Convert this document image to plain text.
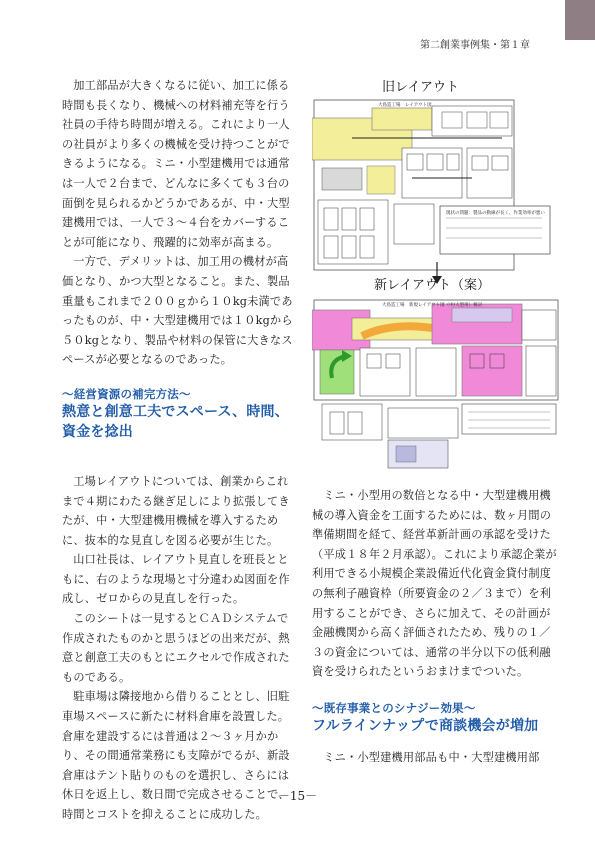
第二創業事例集・第１章

加工部品が大きくなるに従い、加工に係る時間も長くなり、機械への材料補充等を行う社員の手待ち時間が増える。これにより一人の社員がより多くの機械を受け持つことができるようになる。ミニ・小型建機用では通常は一人で２台まで、どんなに多くても３台の面倒を見られるかどうかであるが、中・大型建機用では、一人で３～４台をカバーすることが可能になり、飛躍的に効率が高まる。

一方で、デメリットは、加工用の機材が高価となり、かつ大型となること。また、製品重量もこれまで２００ｇから１０kg未満であったものが、中・大型建機用では１０kgから５０kgとなり、製品や材料の保管に大きなスペースが必要となるのであった。

～経営資源の補完方法～
熱意と創意工夫でスペース、時間、資金を捻出

工場レイアウトについては、創業からこれまで４期にわたる継ぎ足しにより拡張してきたが、中・大型建機用機械を導入するために、抜本的な見直しを図る必要が生じた。

山口社長は、レイアウト見直しを班長とともに、右のような現場と寸分違わぬ図面を作成し、ゼロからの見直しを行った。

このシートは一見するとＣＡＤシステムで作成されたものかと思うほどの出来だが、熱意と創意工夫のもとにエクセルで作成されたものである。

駐車場は隣接地から借りることとし、旧駐車場スペースに新たに材料倉庫を設置した。倉庫を建設するには普通は２～３ヶ月かかり、その間通常業務にも支障がでるが、新設倉庫はテント貼りのものを選択し、さらには休日を返上し、数日間で完成させることで、時間とコストを抑えることに成功した。

旧レイアウト
大島造工場　レイアウト図
大島造工場　新規レイアウト図（中/大型用）検討
現状の問題：製品の動線が長く、作業効率が悪い
新レイアウト（案）

ミニ・小型用の数倍となる中・大型建機用機械の導入資金を工面するためには、数ヶ月間の準備期間を経て、経営革新計画の承認を受けた（平成１８年２月承認）。これにより承認企業が利用できる小規模企業設備近代化資金貸付制度の無利子融資枠（所要資金の２／３まで）を利用することができ、さらに加えて、その計画が金融機関から高く評価されたため、残りの１／３の資金については、通常の半分以下の低利融資を受けられたというおまけまでついた。

～既存事業とのシナジー効果～
フルラインナップで商談機会が増加

ミニ・小型建機用部品も中・大型建機用部

－15－
